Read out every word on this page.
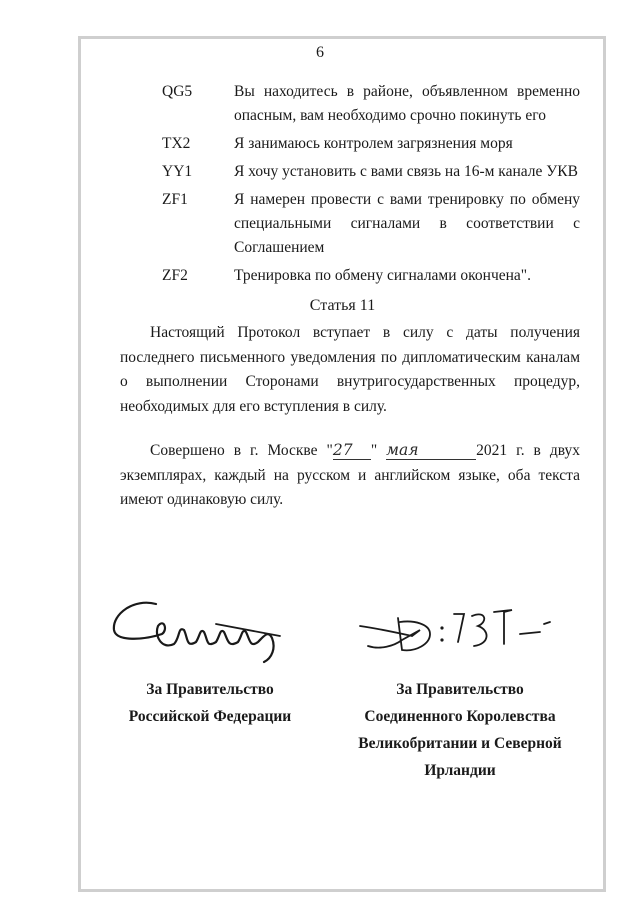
6
QG5	Вы находитесь в районе, объявленном временно опасным, вам необходимо срочно покинуть его
TX2	Я занимаюсь контролем загрязнения моря
YY1	Я хочу установить с вами связь на 16-м канале УКВ
ZF1	Я намерен провести с вами тренировку по обмену специальными сигналами в соответствии с Соглашением
ZF2	Тренировка по обмену сигналами окончена".
Статья 11
Настоящий Протокол вступает в силу с даты получения последнего письменного уведомления по дипломатическим каналам о выполнении Сторонами внутригосударственных процедур, необходимых для его вступления в силу.
Совершено в г. Москве "27 " мая	2021 г. в двух экземплярах, каждый на русском и английском языке, оба текста имеют одинаковую силу.
За Правительство
Российской Федерации
За Правительство
Соединенного Королевства
Великобритании и Северной
Ирландии
